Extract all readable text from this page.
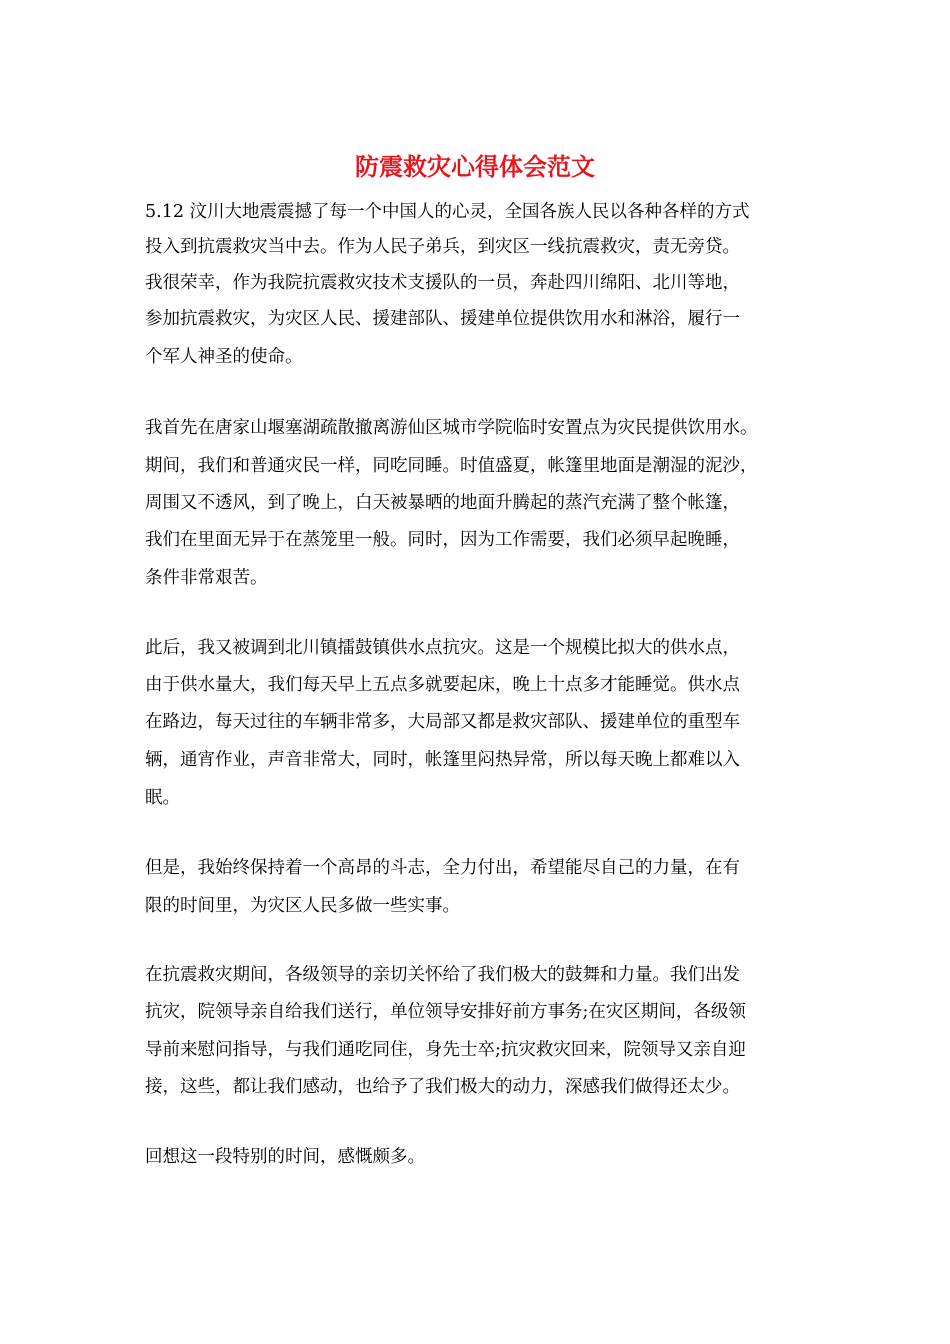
防震救灾心得体会范文

5.12 汶川大地震震撼了每一个中国人的心灵，全国各族人民以各种各样的方式

投入到抗震救灾当中去。作为人民子弟兵，到灾区一线抗震救灾，责无旁贷。

我很荣幸，作为我院抗震救灾技术支援队的一员，奔赴四川绵阳、北川等地，

参加抗震救灾，为灾区人民、援建部队、援建单位提供饮用水和淋浴，履行一

个军人神圣的使命。

我首先在唐家山堰塞湖疏散撤离游仙区城市学院临时安置点为灾民提供饮用水。

期间，我们和普通灾民一样，同吃同睡。时值盛夏，帐篷里地面是潮湿的泥沙，

周围又不透风，到了晚上，白天被暴晒的地面升腾起的蒸汽充满了整个帐篷，

我们在里面无异于在蒸笼里一般。同时，因为工作需要，我们必须早起晚睡，

条件非常艰苦。

此后，我又被调到北川镇擂鼓镇供水点抗灾。这是一个规模比拟大的供水点，

由于供水量大，我们每天早上五点多就要起床，晚上十点多才能睡觉。供水点

在路边，每天过往的车辆非常多，大局部又都是救灾部队、援建单位的重型车

辆，通宵作业，声音非常大，同时，帐篷里闷热异常，所以每天晚上都难以入

眠。

但是，我始终保持着一个高昂的斗志，全力付出，希望能尽自己的力量，在有

限的时间里，为灾区人民多做一些实事。

在抗震救灾期间，各级领导的亲切关怀给了我们极大的鼓舞和力量。我们出发

抗灾，院领导亲自给我们送行，单位领导安排好前方事务;在灾区期间，各级领

导前来慰问指导，与我们通吃同住，身先士卒;抗灾救灾回来，院领导又亲自迎

接，这些，都让我们感动，也给予了我们极大的动力，深感我们做得还太少。

回想这一段特别的时间，感慨颇多。
